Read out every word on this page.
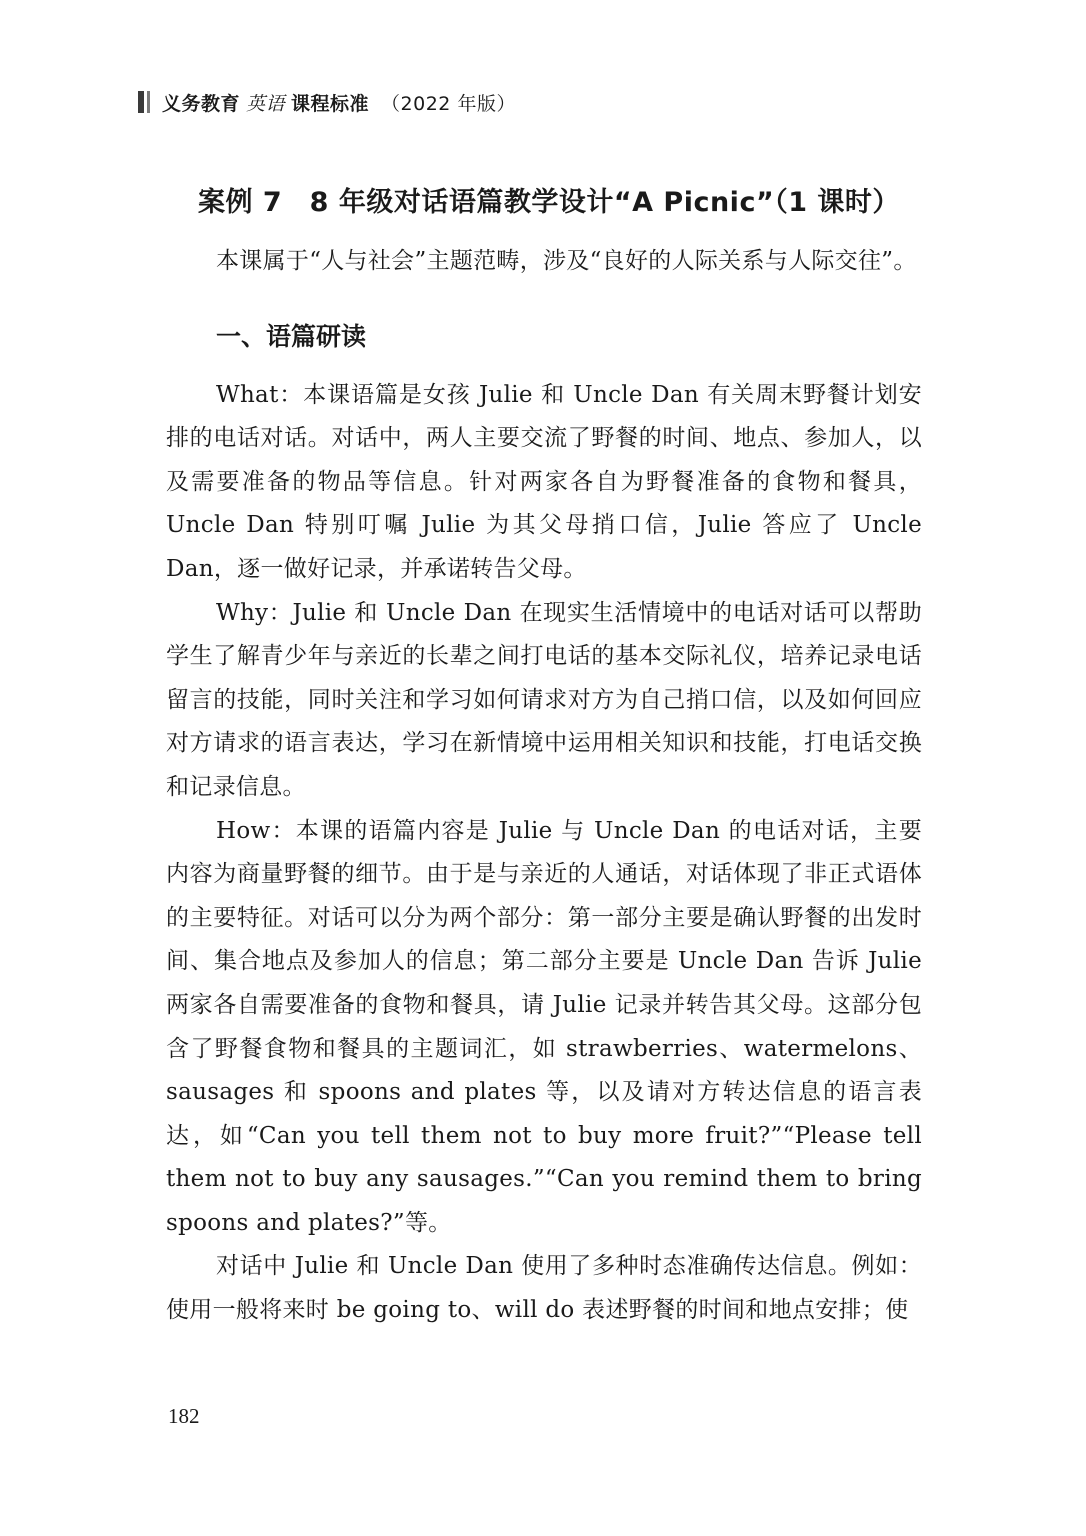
义务教育 英语 课程标准 （2022 年版）
案例 7　8 年级对话语篇教学设计“A Picnic”（1 课时）

本课属于“人与社会”主题范畴，涉及“良好的人际关系与人际交往”。

一、语篇研读

What：本课语篇是女孩 Julie 和 Uncle Dan 有关周末野餐计划安排的电话对话。对话中，两人主要交流了野餐的时间、地点、参加人，以及需要准备的物品等信息。针对两家各自为野餐准备的食物和餐具，Uncle Dan 特别叮嘱 Julie 为其父母捎口信，Julie 答应了 Uncle Dan，逐一做好记录，并承诺转告父母。

Why：Julie 和 Uncle Dan 在现实生活情境中的电话对话可以帮助学生了解青少年与亲近的长辈之间打电话的基本交际礼仪，培养记录电话留言的技能，同时关注和学习如何请求对方为自己捎口信，以及如何回应对方请求的语言表达，学习在新情境中运用相关知识和技能，打电话交换和记录信息。

How：本课的语篇内容是 Julie 与 Uncle Dan 的电话对话，主要内容为商量野餐的细节。由于是与亲近的人通话，对话体现了非正式语体的主要特征。对话可以分为两个部分：第一部分主要是确认野餐的出发时间、集合地点及参加人的信息；第二部分主要是 Uncle Dan 告诉 Julie 两家各自需要准备的食物和餐具，请 Julie 记录并转告其父母。这部分包含了野餐食物和餐具的主题词汇，如 strawberries、watermelons、sausages 和 spoons and plates 等，以及请对方转达信息的语言表达，如“Can you tell them not to buy more fruit?”“Please tell them not to buy any sausages.”“Can you remind them to bring spoons and plates?”等。

对话中 Julie 和 Uncle Dan 使用了多种时态准确传达信息。例如：使用一般将来时 be going to、will do 表述野餐的时间和地点安排；使

182
